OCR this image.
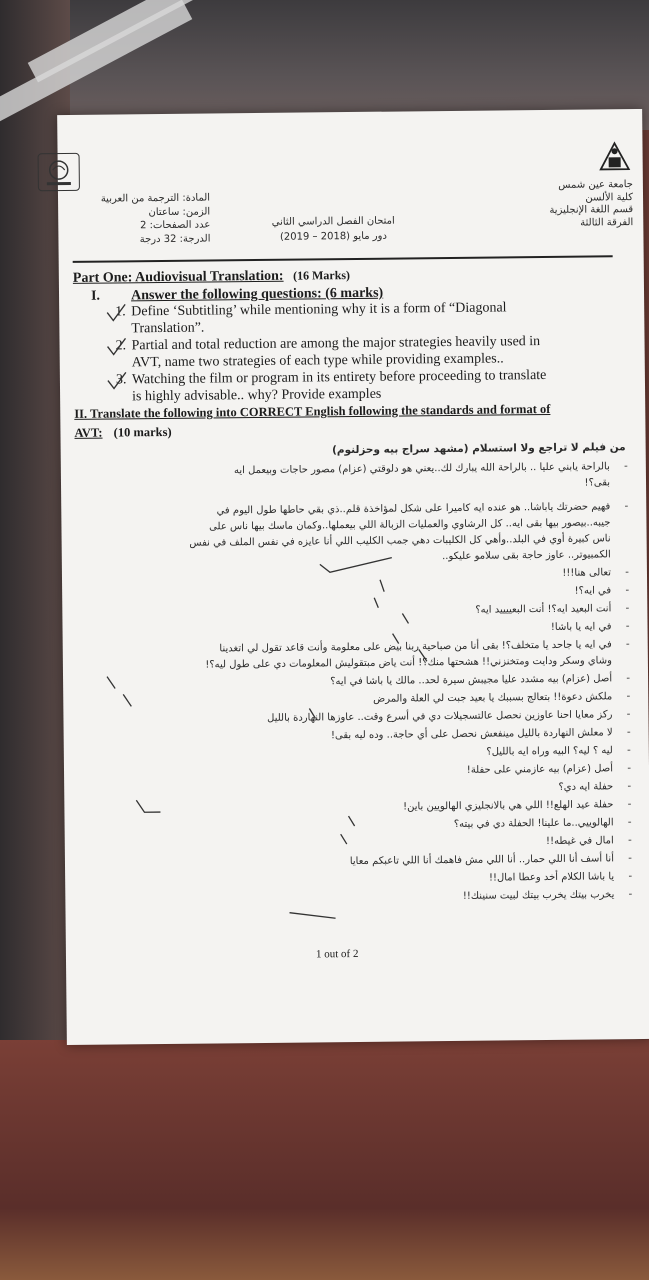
جامعة عين شمس
كلية الألسن
قسم اللغة الإنجليزية
الفرقة الثالثة
امتحان الفصل الدراسي الثاني
دور مايو (2018 – 2019)
المادة: الترجمة من العربية
الزمن: ساعتان
عدد الصفحات: 2
الدرجة: 32 درجة
Part One: Audiovisual Translation: (16 Marks)
I. Answer the following questions: (6 marks)
1. Define ‘Subtitling’ while mentioning why it is a form of “Diagonal
Translation”.
2. Partial and total reduction are among the major strategies heavily used in
AVT, name two strategies of each type while providing examples..
3. Watching the film or program in its entirety before proceeding to translate
is highly advisable.. why? Provide examples
II. Translate the following into CORRECT English following the standards and format of
AVT: (10 marks)
من فيلم لا تراجع ولا استسلام (مشهد سراج بيه وحزلنوم)
بالراحة يابني عليا .. بالراحة الله يبارك لك..يعني هو دلوقتي (عزام) مصور حاجات وبيعمل ايه
بقى؟!
فهيم حضرتك ياباشا.. هو عنده ايه كاميرا على شكل لمؤاخذة قلم..ذي بقي حاطها طول اليوم في
جيبه..بيصور بيها بقى ايه.. كل الرشاوي والعمليات الزبالة اللي بيعملها..وكمان ماسك بيها ناس على
ناس كبيرة أوي في البلد..وأهي كل الكليبات دهي جمب الكليب اللي أنا عايزه في نفس الملف في نفس
الكمبيوتر.. عاوز حاجة بقى سلامو عليكو..
تعالى هنا!!!
في ايه؟!
أنت البعيد ايه؟! أنت البعييييد ايه؟
في ايه يا باشا!
في ايه يا جاحد يا متخلف؟! بقى أنا من صباحية ربنا بيض على معلومة وأنت قاعد تقول لي اتغدينا
وشاي وسكر ودايت ومتخنزني!! هشحتها منك؟! أنت ياض مبتقوليش المعلومات دي على طول ليه؟!
أصل (عزام) بيه مشدد عليا مجيبش سيرة لحد.. مالك يا باشا في ايه؟
ملكش دعوة!! بتعالج بسببك يا بعيد جبت لي العلة والمرض
ركز معايا احنا عاوزين نحصل عالتسجيلات دي في أسرع وقت.. عاوزها النهاردة بالليل
لا معلش النهاردة بالليل مينفعش نحصل على أي حاجة.. وده ليه بقى!
ليه ؟ ليه؟ البيه وراه ايه بالليل؟
أصل (عزام) بيه عازمني على حفلة!
حفلة ايه دي؟
حفلة عيد الهلع!! اللي هي بالانجليزي الهالويين باين!
الهالوييي..ما علينا! الحفلة دي في بيته؟
امال في غيطه!!
أنا أسف أنا اللي حمار.. أنا اللي مش فاهمك أنا اللي تاعبكم معايا
يا باشا الكلام أخد وعطا امال!!
يخرب بيتك يخرب بيتك لبيت سنينك!!
-
-
-
-
-
-
-
-
-
-
-
-
-
-
-
-
-
-
-
-
1 out of 2
